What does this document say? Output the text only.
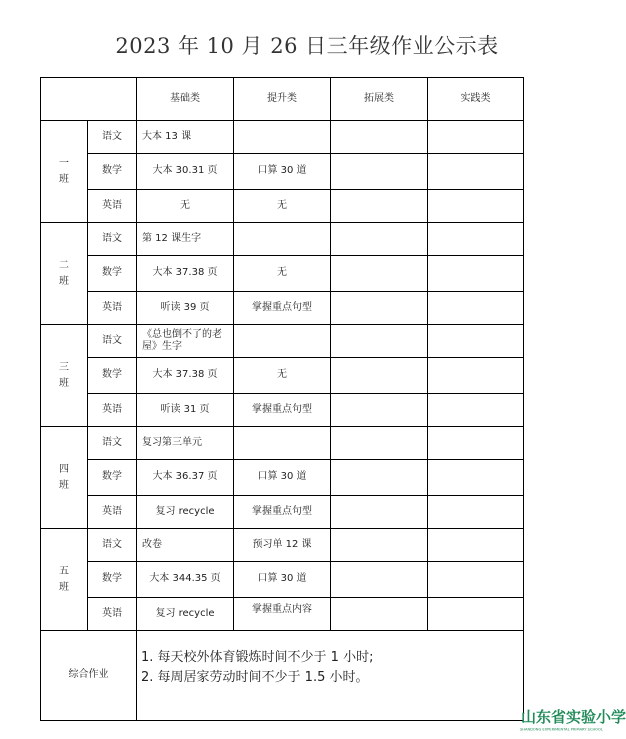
2023 年 10 月 26 日三年级作业公示表
		基础类	提升类	拓展类	实践类
一
班	语文	大本 13 课			
	数学	大本 30.31 页	口算 30 道		
	英语	无	无		
二
班	语文	第 12 课生字			
	数学	大本 37.38 页	无		
	英语	听读 39 页	掌握重点句型		
三
班	语文	《总也倒不了的老屋》生字			
	数学	大本 37.38 页	无		
	英语	听读 31 页	掌握重点句型		
四
班	语文	复习第三单元			
	数学	大本 36.37 页	口算 30 道		
	英语	复习 recycle	掌握重点句型		
五
班	语文	改卷	预习单 12 课		
	数学	大本 344.35 页	口算 30 道		
	英语	复习 recycle	掌握重点内容		
综合作业		1. 每天校外体育锻炼时间不少于 1 小时;
2. 每周居家劳动时间不少于 1.5 小时。			
山东省实验小学
SHANDONG EXPERIMENTAL PRIMARY SCHOOL
